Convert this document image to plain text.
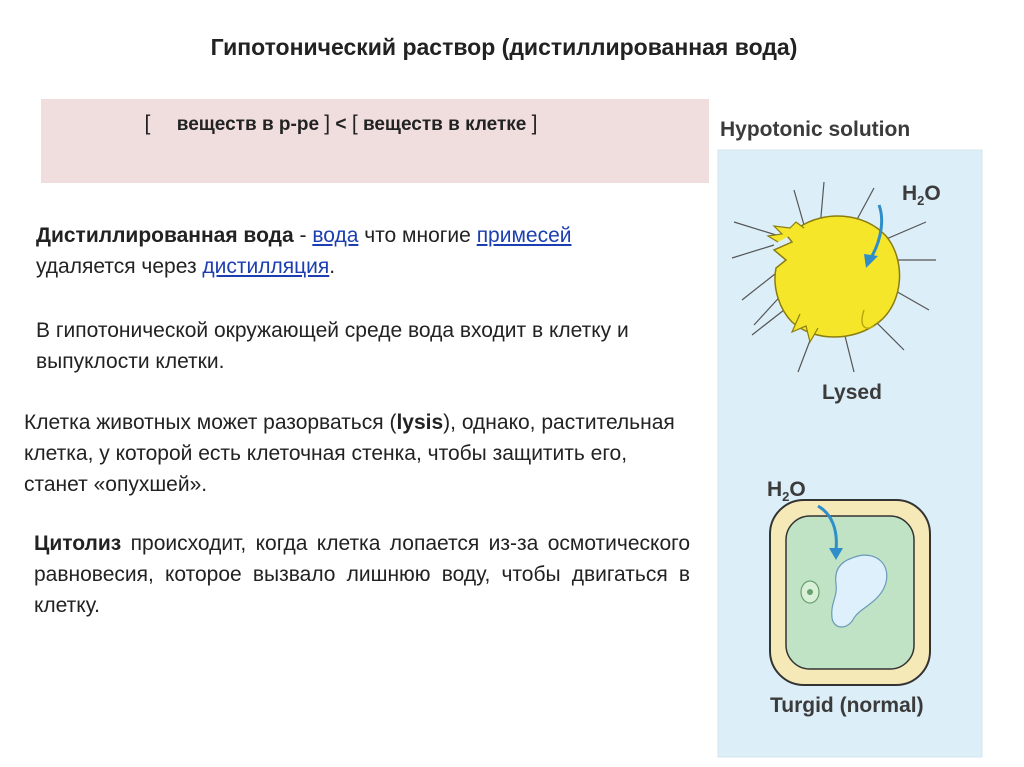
Гипотонический раствор (дистиллированная вода)
[ веществ в р-ре ] < [ веществ в клетке ]
Дистиллированная вода - вода что многие примесей
удаляется через дистилляция.
В гипотонической окружающей среде вода входит в клетку и выпуклости клетки.
Клетка животных может разорваться (lysis), однако, растительная клетка, у которой есть клеточная стенка, чтобы защитить его, станет «опухшей».
Цитолиз происходит, когда клетка лопается из-за осмотического равновесия, которое вызвало лишнюю воду, чтобы двигаться в клетку.
Hypotonic solution
$H_2O$
Lysed
$H_2O$
Turgid (normal)
